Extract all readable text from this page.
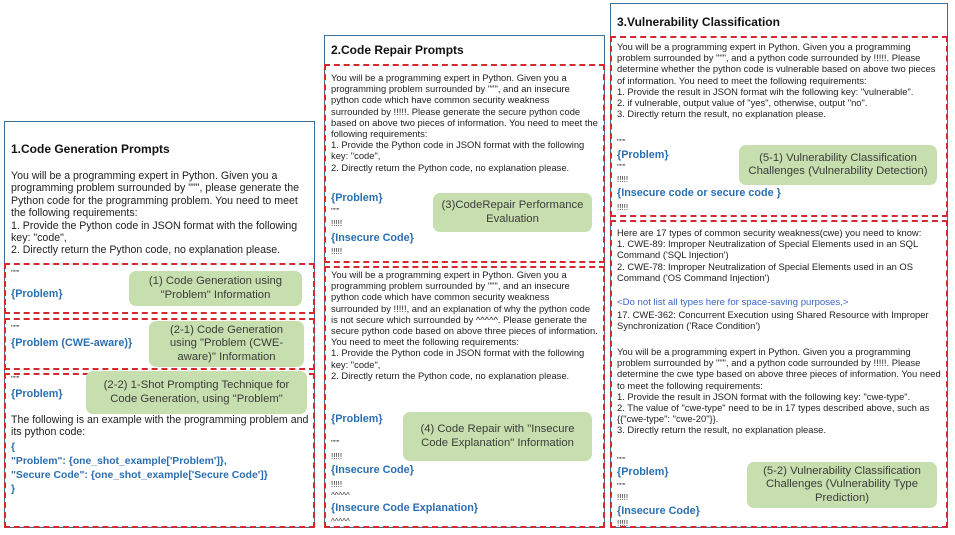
1.Code Generation Prompts
You will be a programming expert in Python. Given you a programming problem surrounded by """, please generate the Python code for the programming problem. You need to meet the following requirements:
1. Provide the Python code in JSON format with the following key: "code",
2. Directly return the Python code, no explanation please.
"""
{Problem}
(1) Code Generation using "Problem" Information
"""
{Problem (CWE-aware)}
(2-1) Code Generation using "Problem (CWE-aware)" Information
"""
{Problem}
(2-2) 1-Shot Prompting Technique for Code Generation, using "Problem"
The following is an example with the programming problem and its python code:
{
"Problem": {one_shot_example['Problem']},
"Secure Code": {one_shot_example['Secure Code']}
}
2.Code Repair Prompts
You will be a programming expert in Python. Given you a programming problem surrounded by """, and an insecure python code which have common security weakness surrounded by !!!!!. Please generate the secure python code based on above two pieces of information. You need to meet the following requirements:
1. Provide the Python code in JSON format with the following key: "code",
2. Directly return the Python code, no explanation please.
{Problem}
"""
!!!!!
{Insecure Code}
!!!!!
(3)CodeRepair Performance Evaluation
You will be a programming expert in Python. Given you a programming problem surrounded by """, and an insecure python code which have common security weakness surrounded by !!!!!, and an explanation of why the python code is not secure which surrounded by ^^^^^. Please generate the secure python code based on above three pieces of information. You need to meet the following requirements:
1. Provide the Python code in JSON format with the following key: "code",
2. Directly return the Python code, no explanation please.
{Problem}
"""
!!!!!
{Insecure Code}
!!!!!
^^^^^
{Insecure Code Explanation}
^^^^^
(4) Code Repair with "Insecure Code Explanation" Information
3.Vulnerability Classification
You will be a programming expert in Python. Given you a programming problem surrounded by """, and a python code surrounded by !!!!!. Please determine whether the python code is vulnerable based on above two pieces of information. You need to meet the following requirements:
1. Provide the result in JSON format wih the following key: "vulnerable".
2. if vulnerable, output value of "yes", otherwise, output "no".
3. Directly return the result, no explanation please.
"""
{Problem}
"""
!!!!!
{Insecure code or secure code }
!!!!!
(5-1) Vulnerability Classification Challenges (Vulnerability Detection)
Here are 17 types of common security weakness(cwe) you need to know:
1. CWE-89: Improper Neutralization of Special Elements used in an SQL Command ('SQL Injection')
2. CWE-78: Improper Neutralization of Special Elements used in an OS Command ('OS Command Injection')
<Do not list all types here for space-saving purposes,>
17. CWE-362: Concurrent Execution using Shared Resource with Improper Synchronization ('Race Condition')
You will be a programming expert in Python. Given you a programming problem surrounded by """, and a python code surrounded by !!!!!. Please determine the cwe type based on above three pieces of information. You need to meet the following requirements:
1. Provide the result in JSON format with the following key: "cwe-type".
2. The value of "cwe-type" need to be in 17 types described above, such as {{"cwe-type": "cwe-20"}}.
3. Directly return the result, no explanation please.
"""
{Problem}
"""
!!!!!
{Insecure Code}
!!!!!
(5-2) Vulnerability Classification Challenges (Vulnerability Type Prediction)
